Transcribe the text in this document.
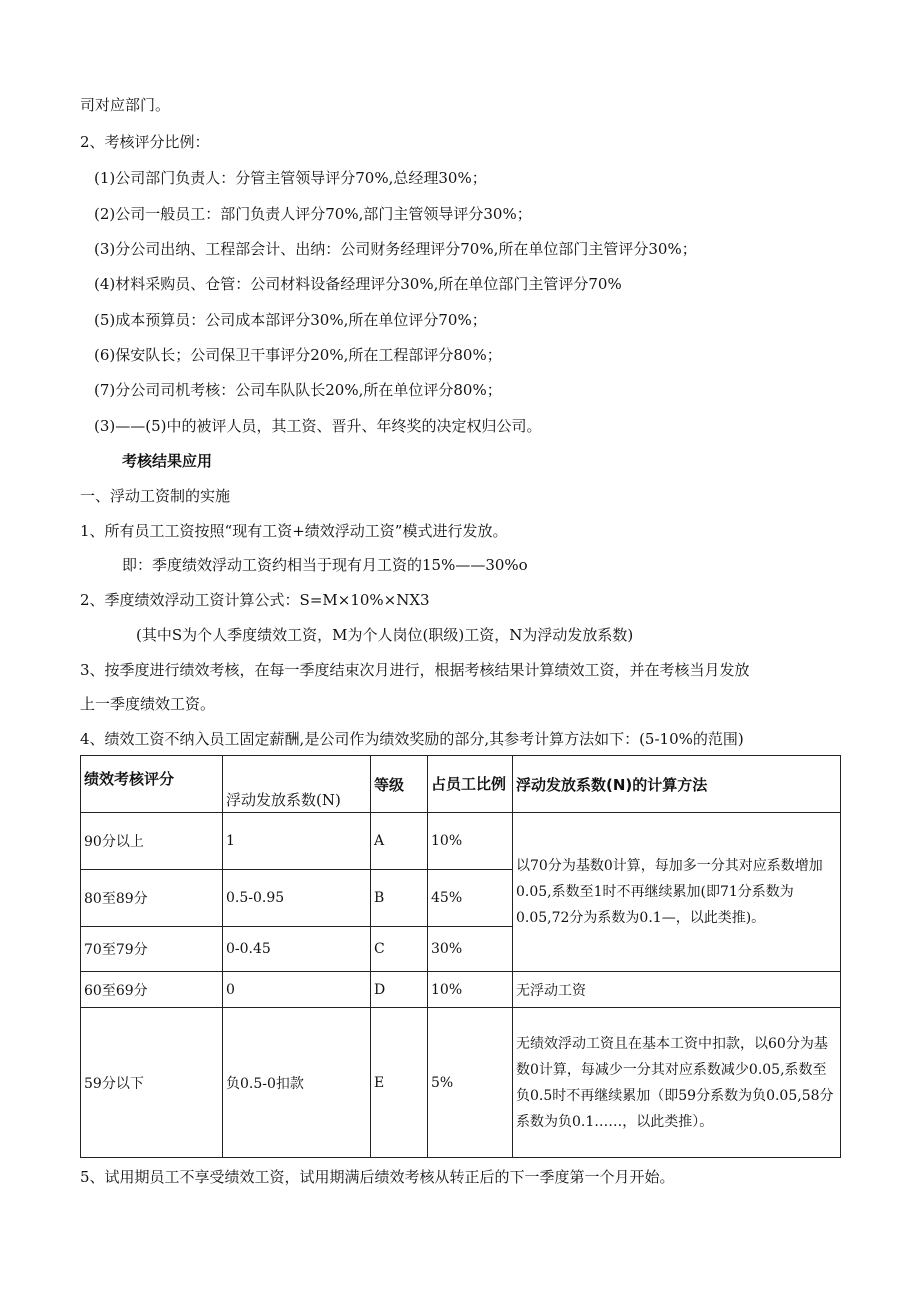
司对应部门。
2、考核评分比例：
(1)公司部门负责人：分管主管领导评分70%,总经理30%；
(2)公司一般员工：部门负责人评分70%,部门主管领导评分30%；
(3)分公司出纳、工程部会计、出纳：公司财务经理评分70%,所在单位部门主管评分30%；
(4)材料采购员、仓管：公司材料设备经理评分30%,所在单位部门主管评分70%
(5)成本预算员：公司成本部评分30%,所在单位评分70%；
(6)保安队长；公司保卫干事评分20%,所在工程部评分80%；
(7)分公司司机考核：公司车队队长20%,所在单位评分80%；
(3)——(5)中的被评人员，其工资、晋升、年终奖的决定权归公司。
考核结果应用
一、浮动工资制的实施
1、所有员工工资按照“现有工资+绩效浮动工资”模式进行发放。
即：季度绩效浮动工资约相当于现有月工资的15%——30%o
2、季度绩效浮动工资计算公式：S=M×10%×NX3
(其中S为个人季度绩效工资，M为个人岗位(职级)工资，N为浮动发放系数)
3、按季度进行绩效考核，在每一季度结束次月进行，根据考核结果计算绩效工资，并在考核当月发放
上一季度绩效工资。
4、绩效工资不纳入员工固定薪酬,是公司作为绩效奖励的部分,其参考计算方法如下：(5-10%的范围)
绩效考核评分	浮动发放系数(N)	等级	占员工比例	浮动发放系数(N)的计算方法
90分以上	1	A	10%	以70分为基数0计算，每加多一分其对应系数增加0.05,系数至1时不再继续累加(即71分系数为0.05,72分为系数为0.1—，以此类推)。
80至89分	0.5-0.95	B	45%	
70至79分	0-0.45	C	30%	
60至69分	0	D	10%	无浮动工资
59分以下	负0.5-0扣款	E	5%	无绩效浮动工资且在基本工资中扣款，以60分为基数0计算，每减少一分其对应系数减少0.05,系数至负0.5时不再继续累加（即59分系数为负0.05,58分系数为负0.1……，以此类推）。
5、试用期员工不享受绩效工资，试用期满后绩效考核从转正后的下一季度第一个月开始。
